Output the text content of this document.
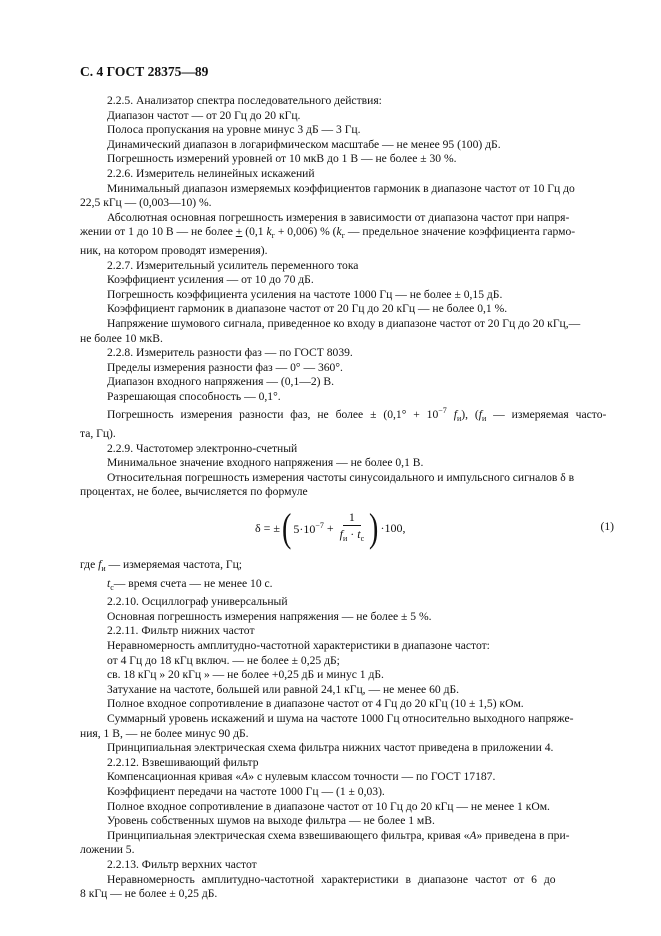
С. 4 ГОСТ 28375—89

2.2.5. Анализатор спектра последовательного действия:

Диапазон частот — от 20 Гц до 20 кГц.

Полоса пропускания на уровне минус 3 дБ — 3 Гц.

Динамический диапазон в логарифмическом масштабе — не менее 95 (100) дБ.

Погрешность измерений уровней от 10 мкВ до 1 В — не более ± 30 %.

2.2.6. Измеритель нелинейных искажений

Минимальный диапазон измеряемых коэффициентов гармоник в диапазоне частот от 10 Гц до

22,5 кГц — (0,003—10) %.

Абсолютная основная погрешность измерения в зависимости от диапазона частот при напря-

жении от 1 до 10 В — не более + (0,1 $k_г + 0,006$) % ($k_г$ — предельное значение коэффициента гармо-

ник, на котором проводят измерения).

2.2.7. Измерительный усилитель переменного тока

Коэффициент усиления — от 10 до 70 дБ.

Погрешность коэффициента усиления на частоте 1000 Гц — не более ± 0,15 дБ.

Коэффициент гармоник в диапазоне частот от 20 Гц до 20 кГц — не более 0,1 %.

Напряжение шумового сигнала, приведенное ко входу в диапазоне частот от 20 Гц до 20 кГц,—

не более 10 мкВ.

2.2.8. Измеритель разности фаз — по ГОСТ 8039.

Пределы измерения разности фаз — 0° — 360°.

Диапазон входного напряжения — (0,1—2) В.

Разрешающая способность — 0,1°.

Погрешность измерения разности фаз, не более ± ($0,1^\circ + 10^{-7}$ $f_и$), ($f_и$ — измеряемая часто-

та, Гц).

2.2.9. Частотомер электронно-счетный

Минимальное значение входного напряжения — не более 0,1 В.

Относительная погрешность измерения частоты синусоидального и импульсного сигналов δ в

процентах, не более, вычисляется по формуле

δ = ± ( $5\cdot 10^{-7} + \frac{1}{f_и \cdot t_с}$ ) ·100,	(1)

где $f_и$ — измеряемая частота, Гц;

$t_с—$ время счета — не менее 10 с.

2.2.10. Осциллограф универсальный

Основная погрешность измерения напряжения — не более ± 5 %.

2.2.11. Фильтр нижних частот

Неравномерность амплитудно-частотной характеристики в диапазоне частот:

от 4 Гц до 18 кГц включ. — не более ± 0,25 дБ;

св. 18 кГц » 20 кГц » — не более +0,25 дБ и минус 1 дБ.

Затухание на частоте, большей или равной 24,1 кГц, — не менее 60 дБ.

Полное входное сопротивление в диапазоне частот от 4 Гц до 20 кГц (10 ± 1,5) кОм.

Суммарный уровень искажений и шума на частоте 1000 Гц относительно выходного напряже-

ния, 1 В, — не более минус 90 дБ.

Принципиальная электрическая схема фильтра нижних частот приведена в приложении 4.

2.2.12. Взвешивающий фильтр

Компенсационная кривая «А» с нулевым классом точности — по ГОСТ 17187.

Коэффициент передачи на частоте 1000 Гц — (1 ± 0,03).

Полное входное сопротивление в диапазоне частот от 10 Гц до 20 кГц — не менее 1 кОм.

Уровень собственных шумов на выходе фильтра — не более 1 мВ.

Принципиальная электрическая схема взвешивающего фильтра, кривая «А» приведена в при-

ложении 5.

2.2.13. Фильтр верхних частот

Неравномерность амплитудно-частотной характеристики в диапазоне частот от 6 до

8 кГц — не более ± 0,25 дБ.
